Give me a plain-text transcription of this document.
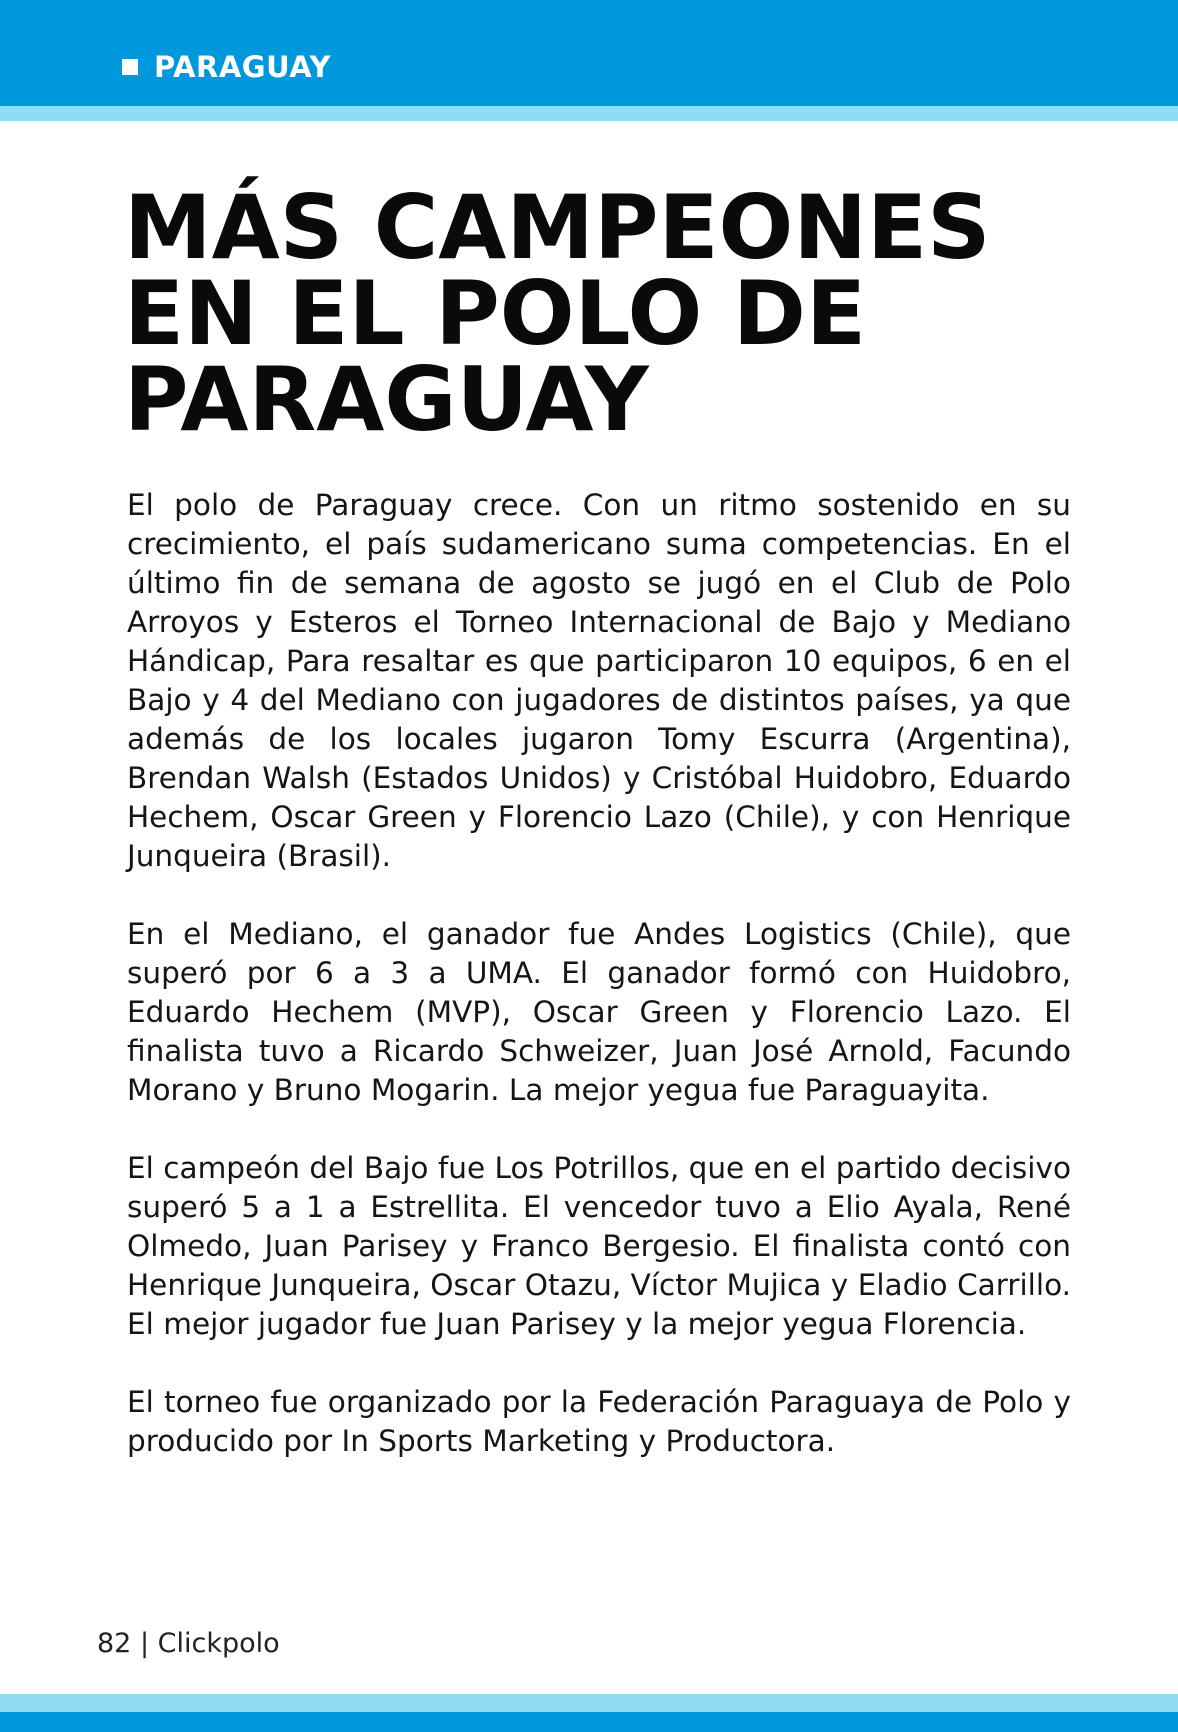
PARAGUAY
MÁS CAMPEONES
EN EL POLO DE
PARAGUAY

El polo de Paraguay crece. Con un ritmo sostenido en su crecimiento, el país sudamericano suma competencias. En el último fin de semana de agosto se jugó en el Club de Polo Arroyos y Esteros el Torneo Internacional de Bajo y Mediano Hándicap, Para resaltar es que participaron 10 equipos, 6 en el Bajo y 4 del Mediano con jugadores de distintos países, ya que además de los locales jugaron Tomy Escurra (Argentina), Brendan Walsh (Estados Unidos) y Cristóbal Huidobro, Eduardo Hechem, Oscar Green y Florencio Lazo (Chile), y con Henrique Junqueira (Brasil).

En el Mediano, el ganador fue Andes Logistics (Chile), que superó por 6 a 3 a UMA. El ganador formó con Huidobro, Eduardo Hechem (MVP), Oscar Green y Florencio Lazo. El finalista tuvo a Ricardo Schweizer, Juan José Arnold, Facundo Morano y Bruno Mogarin. La mejor yegua fue Paraguayita.

El campeón del Bajo fue Los Potrillos, que en el partido decisivo superó 5 a 1 a Estrellita. El vencedor tuvo a Elio Ayala, René Olmedo, Juan Parisey y Franco Bergesio. El finalista contó con Henrique Junqueira, Oscar Otazu, Víctor Mujica y Eladio Carrillo. El mejor jugador fue Juan Parisey y la mejor yegua Florencia.

El torneo fue organizado por la Federación Paraguaya de Polo y producido por In Sports Marketing y Productora.

82 | Clickpolo
